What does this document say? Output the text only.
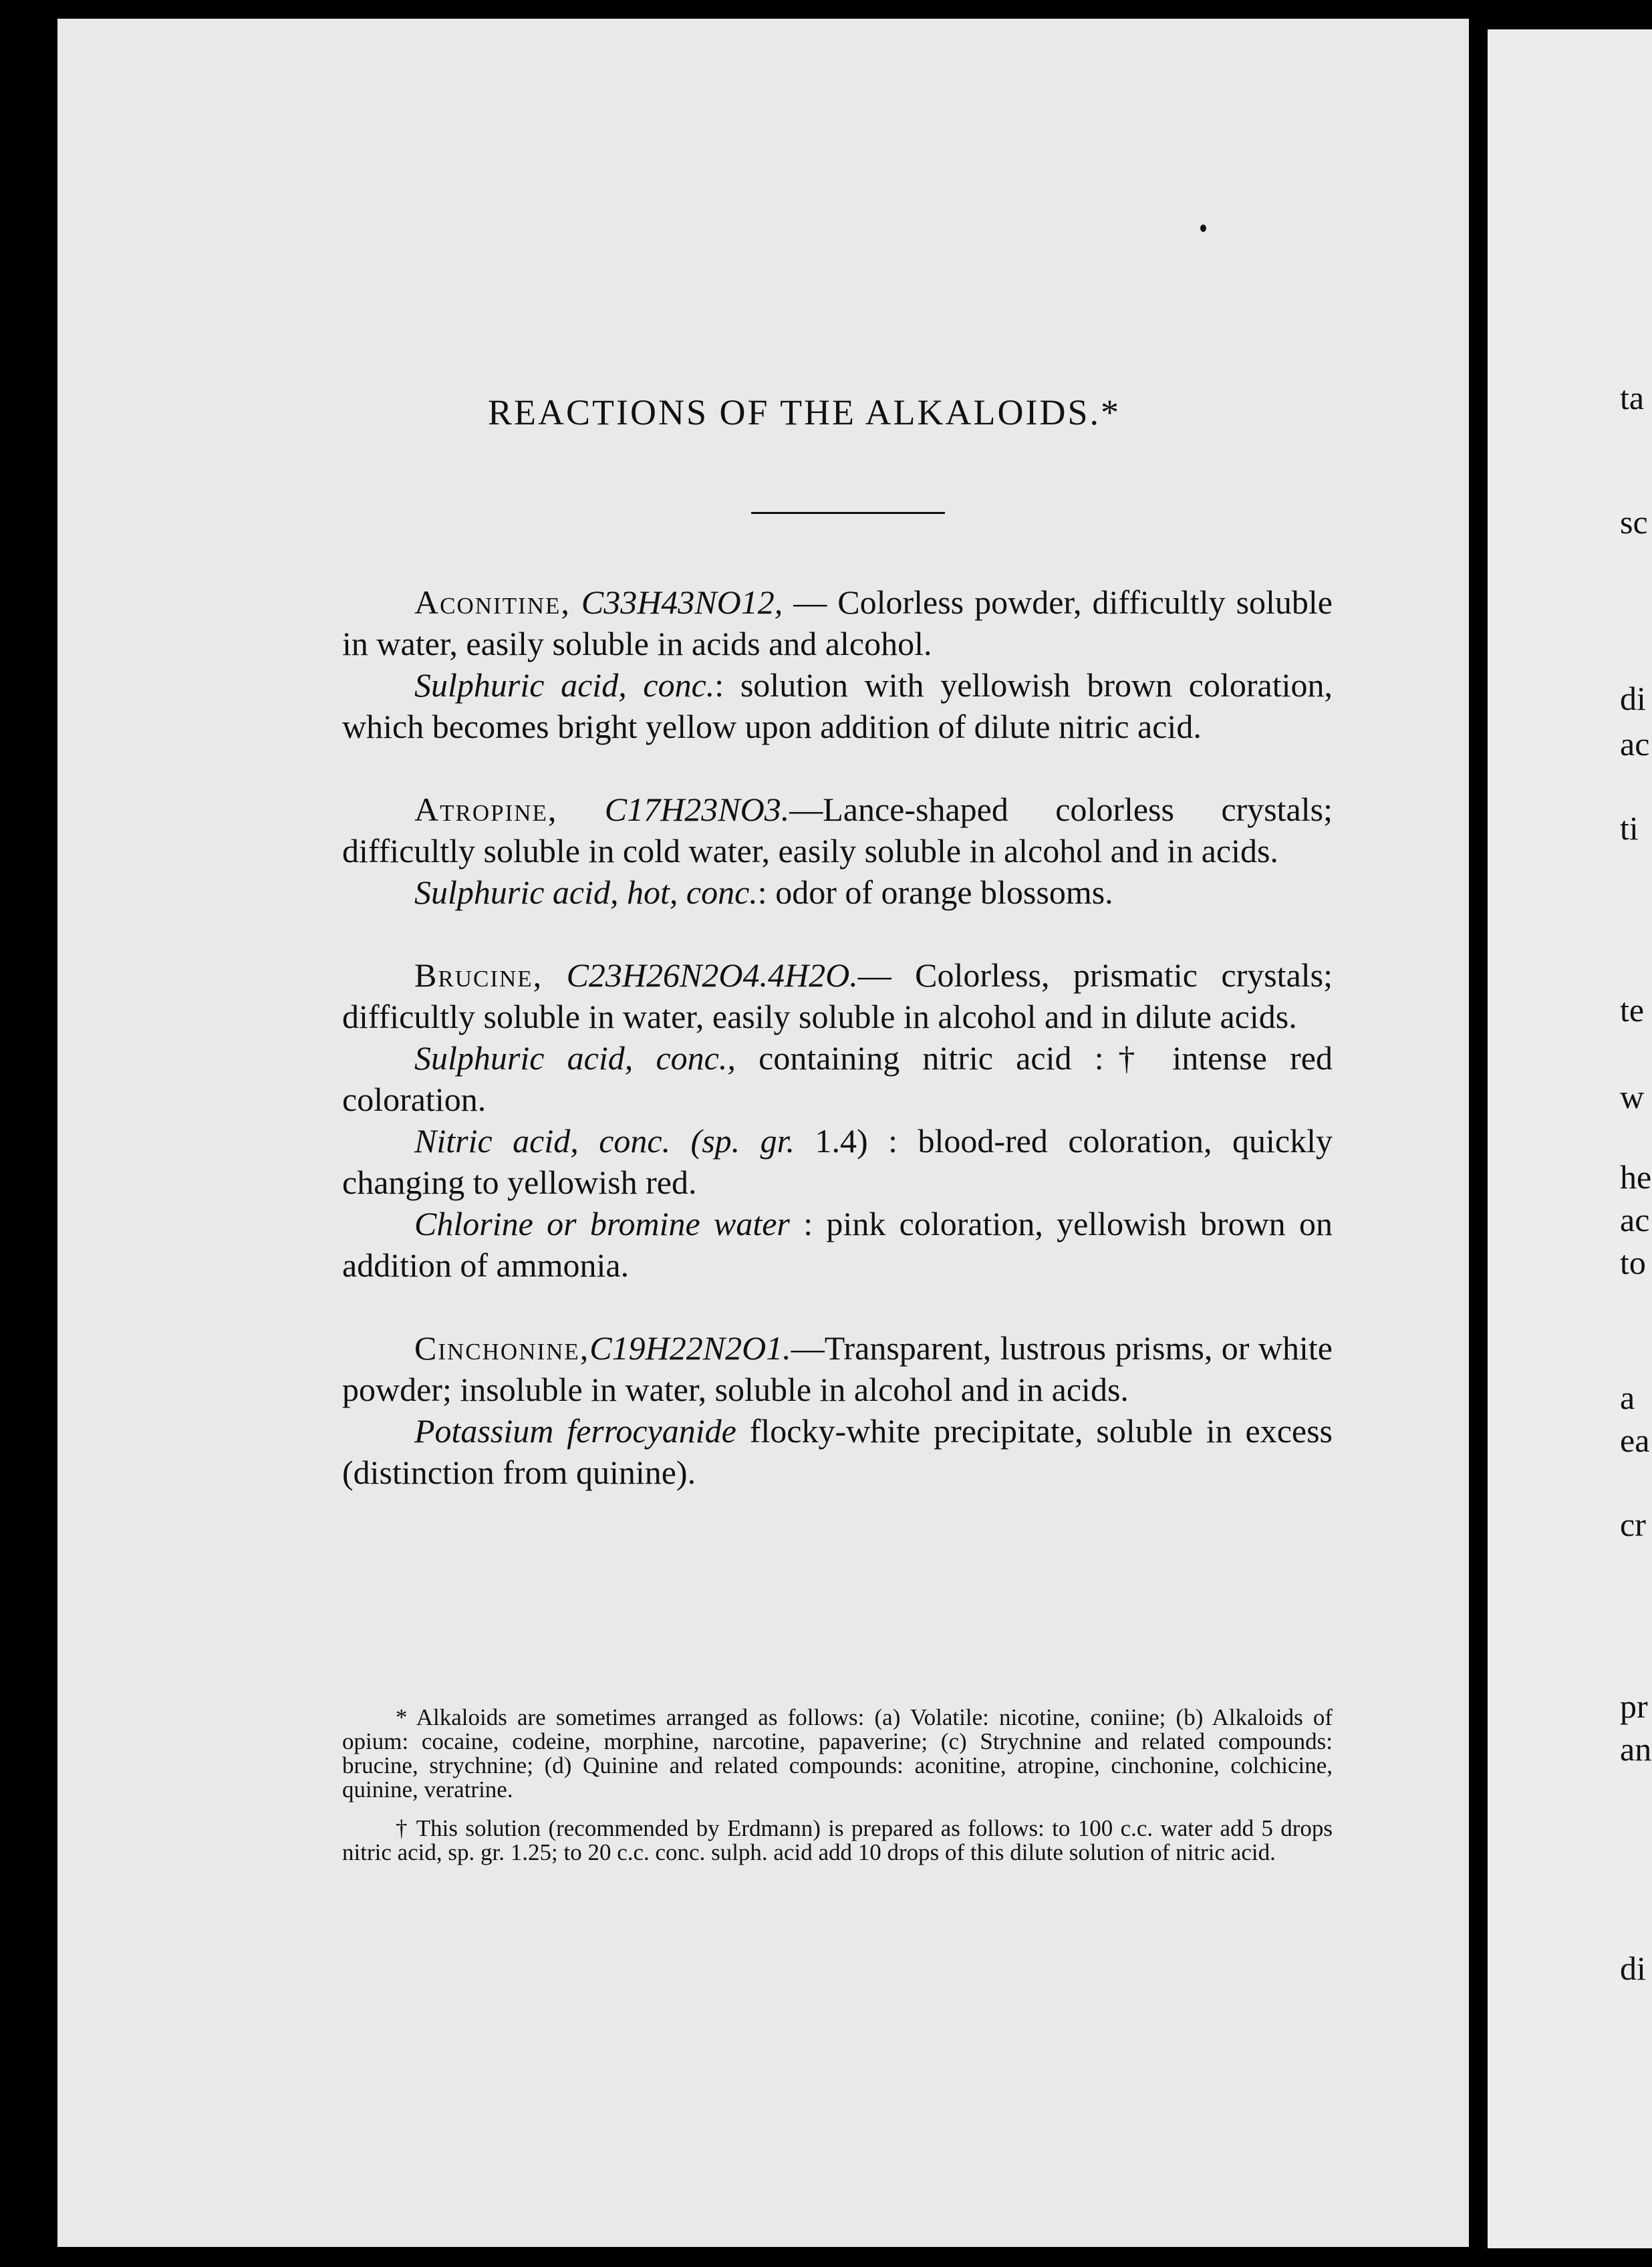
REACTIONS OF THE ALKALOIDS.*

Aconitine, C33H43NO12, — Colorless powder, difficultly soluble in water, easily soluble in acids and alcohol.

Sulphuric acid, conc.: solution with yellowish brown coloration, which becomes bright yellow upon addition of dilute nitric acid.

Atropine, C17H23NO3.—Lance-shaped colorless crystals; difficultly soluble in cold water, easily soluble in alcohol and in acids.

Sulphuric acid, hot, conc.: odor of orange blossoms.

Brucine, C23H26N2O4.4H2O.— Colorless, prismatic crystals; difficultly soluble in water, easily soluble in alcohol and in dilute acids.

Sulphuric acid, conc., containing nitric acid :† intense red coloration.

Nitric acid, conc. (sp. gr. 1.4) : blood-red coloration, quickly changing to yellowish red.

Chlorine or bromine water : pink coloration, yellowish brown on addition of ammonia.

Cinchonine,C19H22N2O1.—Transparent, lustrous prisms, or white powder; insoluble in water, soluble in alcohol and in acids.

Potassium ferrocyanide flocky-white precipitate, soluble in excess (distinction from quinine).

* Alkaloids are sometimes arranged as follows: (a) Volatile: nicotine, coniine; (b) Alkaloids of opium: cocaine, codeine, morphine, narcotine, papaverine; (c) Strychnine and related compounds: brucine, strychnine; (d) Quinine and related compounds: aconitine, atropine, cinchonine, colchicine, quinine, veratrine.

† This solution (recommended by Erdmann) is prepared as follows: to 100 c.c. water add 5 drops nitric acid, sp. gr. 1.25; to 20 c.c. conc. sulph. acid add 10 drops of this dilute solution of nitric acid.

ta
sc
di
ac
ti
te
w
he
ac
to
a
ea
cr
pr
an
di
